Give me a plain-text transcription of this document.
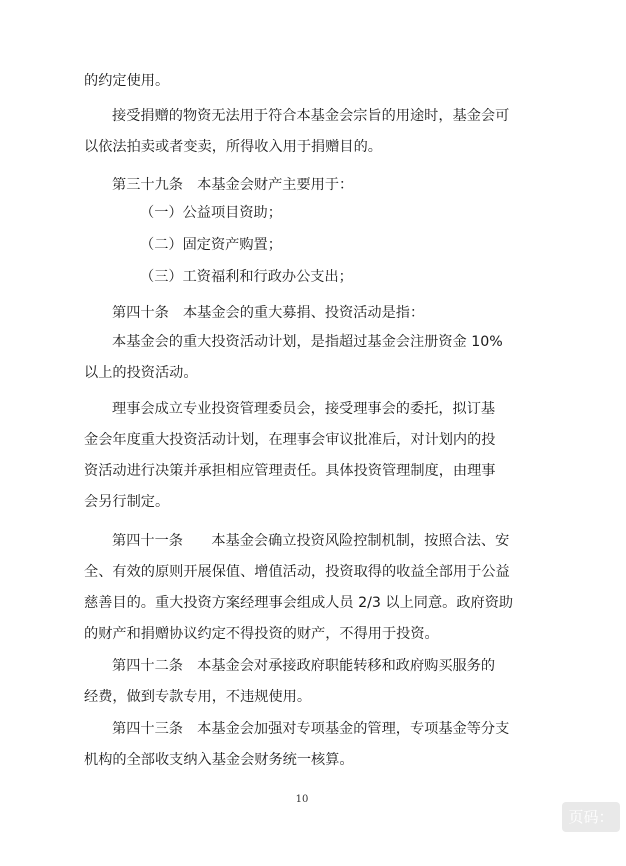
的约定使用。
接受捐赠的物资无法用于符合本基金会宗旨的用途时，基金会可
以依法拍卖或者变卖，所得收入用于捐赠目的。
第三十九条　本基金会财产主要用于：
（一）公益项目资助；
（二）固定资产购置；
（三）工资福利和行政办公支出；
第四十条　本基金会的重大募捐、投资活动是指：
本基金会的重大投资活动计划，是指超过基金会注册资金 10%
以上的投资活动。
理事会成立专业投资管理委员会，接受理事会的委托，拟订基
金会年度重大投资活动计划，在理事会审议批准后，对计划内的投
资活动进行决策并承担相应管理责任。具体投资管理制度，由理事
会另行制定。
第四十一条　　本基金会确立投资风险控制机制，按照合法、安
全、有效的原则开展保值、增值活动，投资取得的收益全部用于公益
慈善目的。重大投资方案经理事会组成人员 2/3 以上同意。政府资助
的财产和捐赠协议约定不得投资的财产，不得用于投资。
第四十二条　本基金会对承接政府职能转移和政府购买服务的
经费，做到专款专用，不违规使用。
第四十三条　本基金会加强对专项基金的管理，专项基金等分支
机构的全部收支纳入基金会财务统一核算。
10
页码：
